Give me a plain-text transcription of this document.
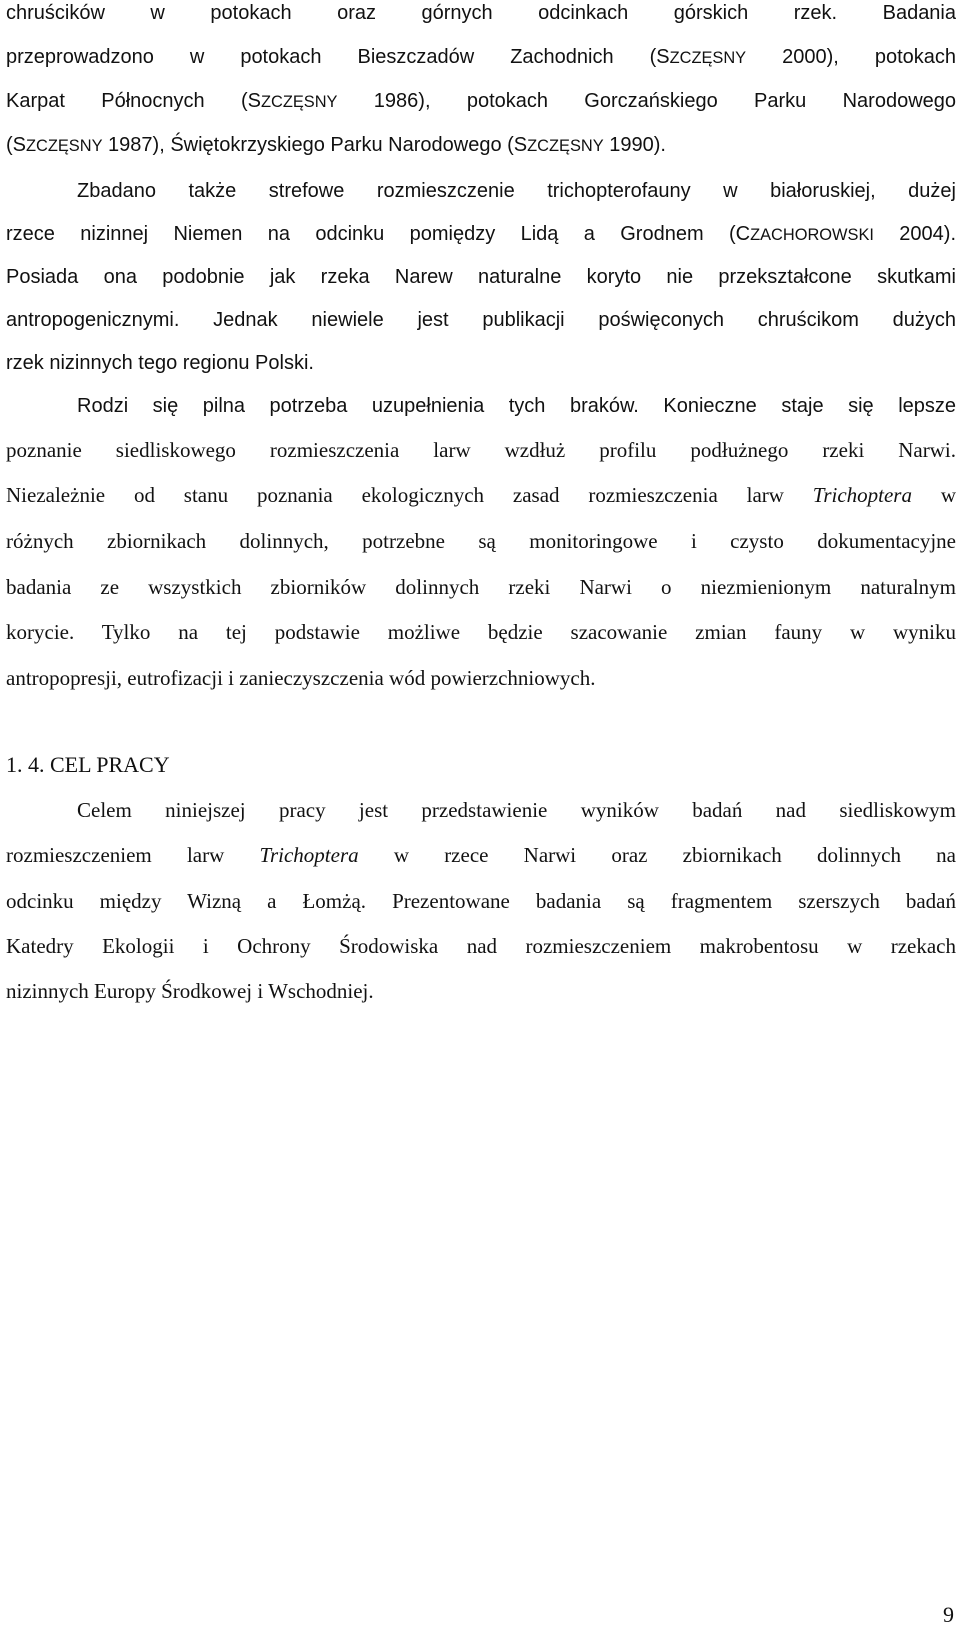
chruścików w potokach oraz górnych odcinkach górskich rzek. Badania
przeprowadzono w potokach Bieszczadów Zachodnich (SZCZĘSNY 2000), potokach
Karpat Północnych (SZCZĘSNY 1986), potokach Gorczańskiego Parku Narodowego
(SZCZĘSNY 1987), Świętokrzyskiego Parku Narodowego (SZCZĘSNY 1990).
Zbadano także strefowe rozmieszczenie trichopterofauny w białoruskiej, dużej
rzece nizinnej Niemen na odcinku pomiędzy Lidą a Grodnem (CZACHOROWSKI 2004).
Posiada ona podobnie jak rzeka Narew naturalne koryto nie przekształcone skutkami
antropogenicznymi. Jednak niewiele jest publikacji poświęconych chruścikom dużych
rzek nizinnych tego regionu Polski.
Rodzi się pilna potrzeba uzupełnienia tych braków. Konieczne staje się lepsze
poznanie siedliskowego rozmieszczenia larw wzdłuż profilu podłużnego rzeki Narwi.
Niezależnie od stanu poznania ekologicznych zasad rozmieszczenia larw Trichoptera w
różnych zbiornikach dolinnych, potrzebne są monitoringowe i czysto dokumentacyjne
badania ze wszystkich zbiorników dolinnych rzeki Narwi o niezmienionym naturalnym
korycie. Tylko na tej podstawie możliwe będzie szacowanie zmian fauny w wyniku
antropopresji, eutrofizacji i zanieczyszczenia wód powierzchniowych.
1. 4. CEL PRACY
Celem niniejszej pracy jest przedstawienie wyników badań nad siedliskowym
rozmieszczeniem larw Trichoptera w rzece Narwi oraz zbiornikach dolinnych na
odcinku między Wizną a Łomżą. Prezentowane badania są fragmentem szerszych badań
Katedry Ekologii i Ochrony Środowiska nad rozmieszczeniem makrobentosu w rzekach
nizinnych Europy Środkowej i Wschodniej.
9
